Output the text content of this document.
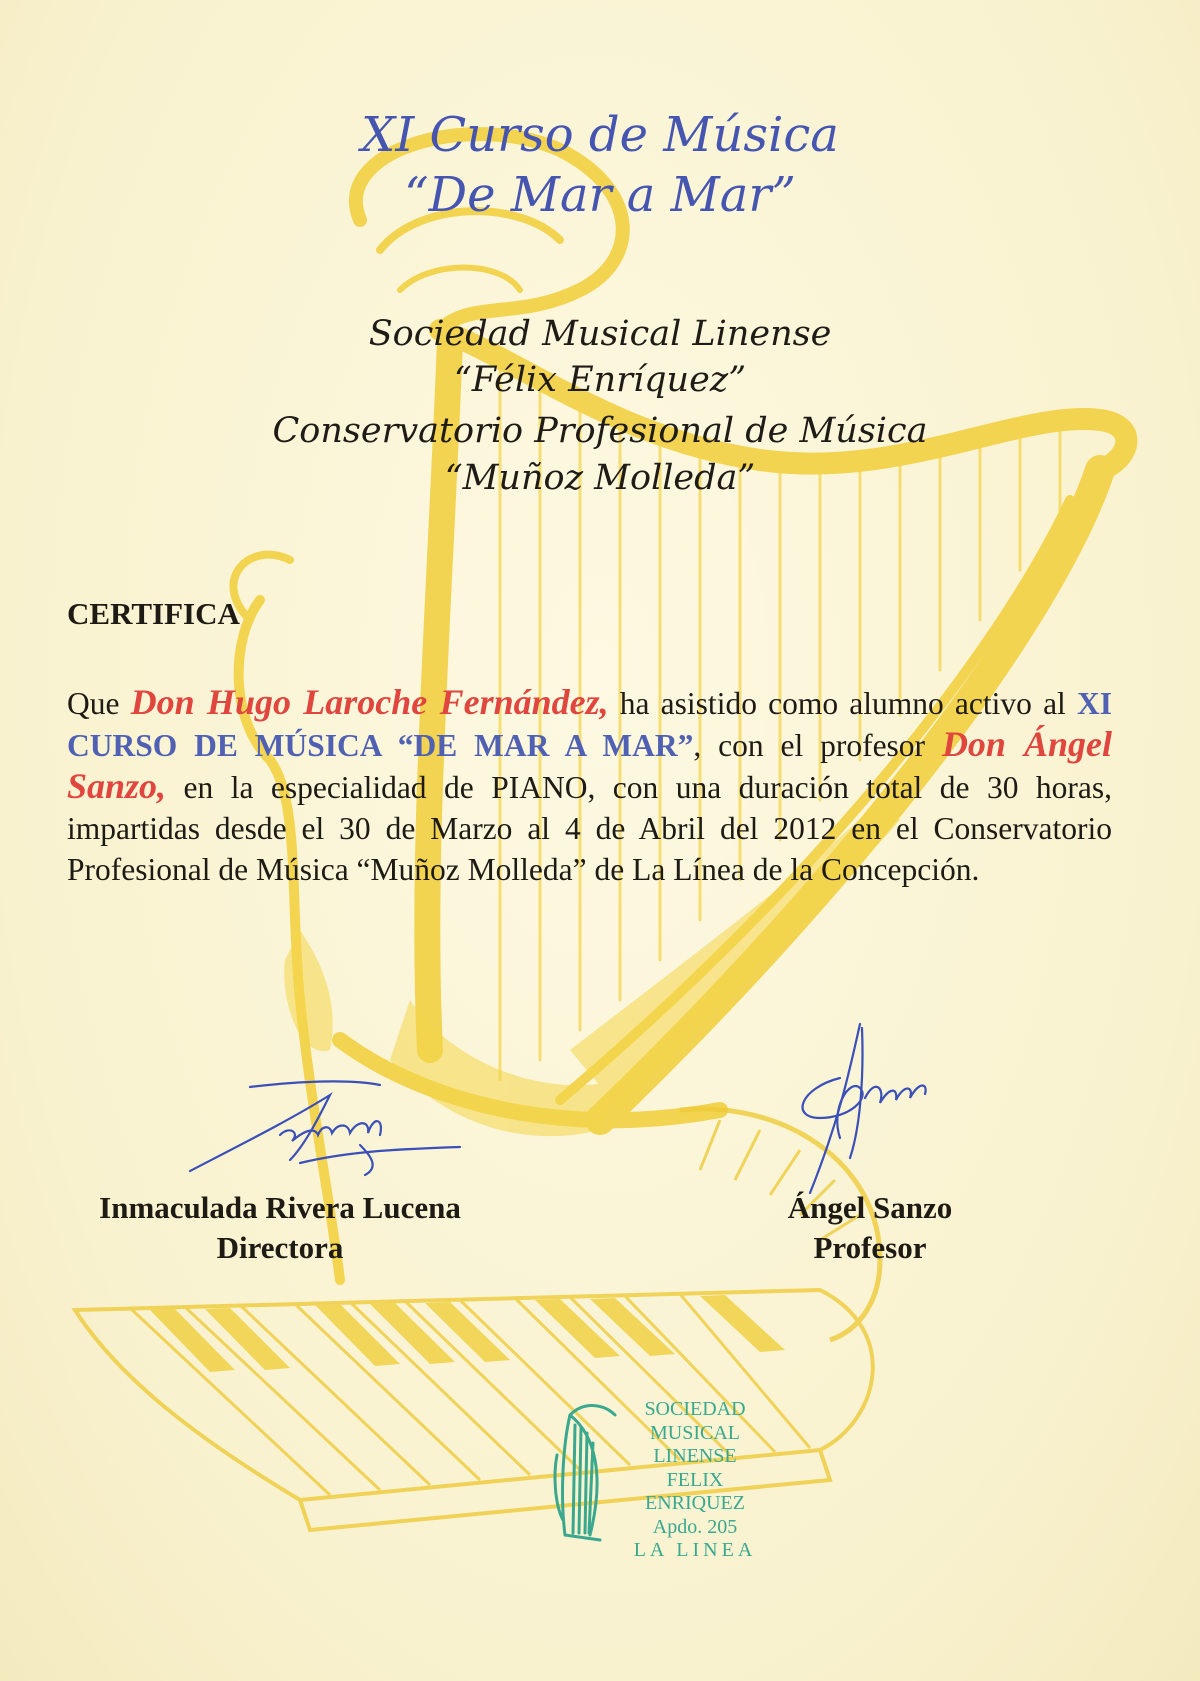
XI Curso de Música
“De Mar a Mar”
Sociedad Musical Linense
“Félix Enríquez”
Conservatorio Profesional de Música
“Muñoz Molleda”
CERTIFICA
Que Don Hugo Laroche Fernández, ha asistido como alumno activo al XI CURSO DE MÚSICA “DE MAR A MAR”, con el profesor Don Ángel Sanzo, en la especialidad de PIANO, con una duración total de 30 horas, impartidas desde el 30 de Marzo al 4 de Abril del 2012 en el Conservatorio Profesional de Música “Muñoz Molleda” de La Línea de la Concepción.
Inmaculada Rivera Lucena
Directora
Ángel Sanzo
Profesor
SOCIEDAD
MUSICAL
LINENSE
FELIX ENRIQUEZ
Apdo. 205
LA LINEA
